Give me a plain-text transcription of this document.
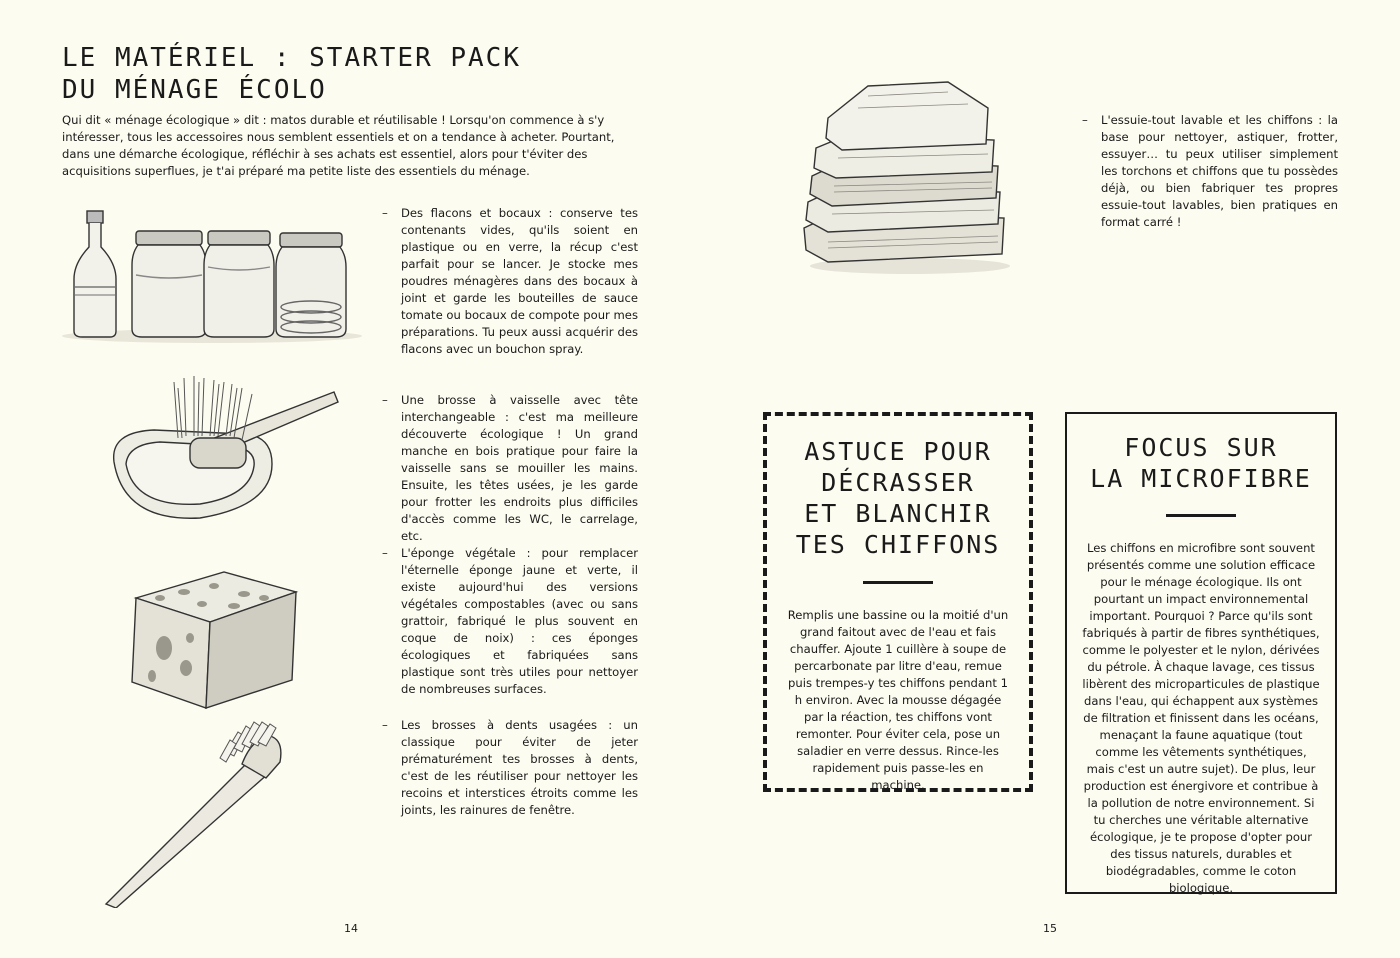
LE MATÉRIEL : STARTER PACK
DU MÉNAGE ÉCOLO

Qui dit « ménage écologique » dit : matos durable et réutilisable ! Lorsqu'on commence à s'y intéresser, tous les accessoires nous semblent essentiels et on a tendance à acheter. Pourtant, dans une démarche écologique, réfléchir à ses achats est essentiel, alors pour t'éviter des acquisitions superflues, je t'ai préparé ma petite liste des essentiels du ménage.

– Des flacons et bocaux : conserve tes contenants vides, qu'ils soient en plastique ou en verre, la récup c'est parfait pour se lancer. Je stocke mes poudres ménagères dans des bocaux à joint et garde les bouteilles de sauce tomate ou bocaux de compote pour mes préparations. Tu peux aussi acquérir des flacons avec un bouchon spray.
– Une brosse à vaisselle avec tête interchangeable : c'est ma meilleure découverte écologique ! Un grand manche en bois pratique pour faire la vaisselle sans se mouiller les mains. Ensuite, les têtes usées, je les garde pour frotter les endroits plus difficiles d'accès comme les WC, le carrelage, etc.
– L'éponge végétale : pour remplacer l'éternelle éponge jaune et verte, il existe aujourd'hui des versions végétales compostables (avec ou sans grattoir, fabriqué le plus souvent en coque de noix) : ces éponges écologiques et fabriquées sans plastique sont très utiles pour nettoyer de nombreuses surfaces.
– Les brosses à dents usagées : un classique pour éviter de jeter prématurément tes brosses à dents, c'est de les réutiliser pour nettoyer les recoins et interstices étroits comme les joints, les rainures de fenêtre.
14
– L'essuie-tout lavable et les chiffons : la base pour nettoyer, astiquer, frotter, essuyer… tu peux utiliser simplement les torchons et chiffons que tu possèdes déjà, ou bien fabriquer tes propres essuie-tout lavables, bien pratiques en format carré !
ASTUCE POUR
DÉCRASSER
ET BLANCHIR
TES CHIFFONS

Remplis une bassine ou la moitié d'un grand faitout avec de l'eau et fais chauffer. Ajoute 1 cuillère à soupe de percarbonate par litre d'eau, remue puis trempes-y tes chiffons pendant 1 h environ. Avec la mousse dégagée par la réaction, tes chiffons vont remonter. Pour éviter cela, pose un saladier en verre dessus. Rince-les rapidement puis passe-les en machine.

FOCUS SUR
LA MICROFIBRE

Les chiffons en microfibre sont souvent présentés comme une solution efficace pour le ménage écologique. Ils ont pourtant un impact environnemental important. Pourquoi ? Parce qu'ils sont fabriqués à partir de fibres synthétiques, comme le polyester et le nylon, dérivées du pétrole. À chaque lavage, ces tissus libèrent des microparticules de plastique dans l'eau, qui échappent aux systèmes de filtration et finissent dans les océans, menaçant la faune aquatique (tout comme les vêtements synthétiques, mais c'est un autre sujet). De plus, leur production est énergivore et contribue à la pollution de notre environnement. Si tu cherches une véritable alternative écologique, je te propose d'opter pour des tissus naturels, durables et biodégradables, comme le coton biologique.

15
